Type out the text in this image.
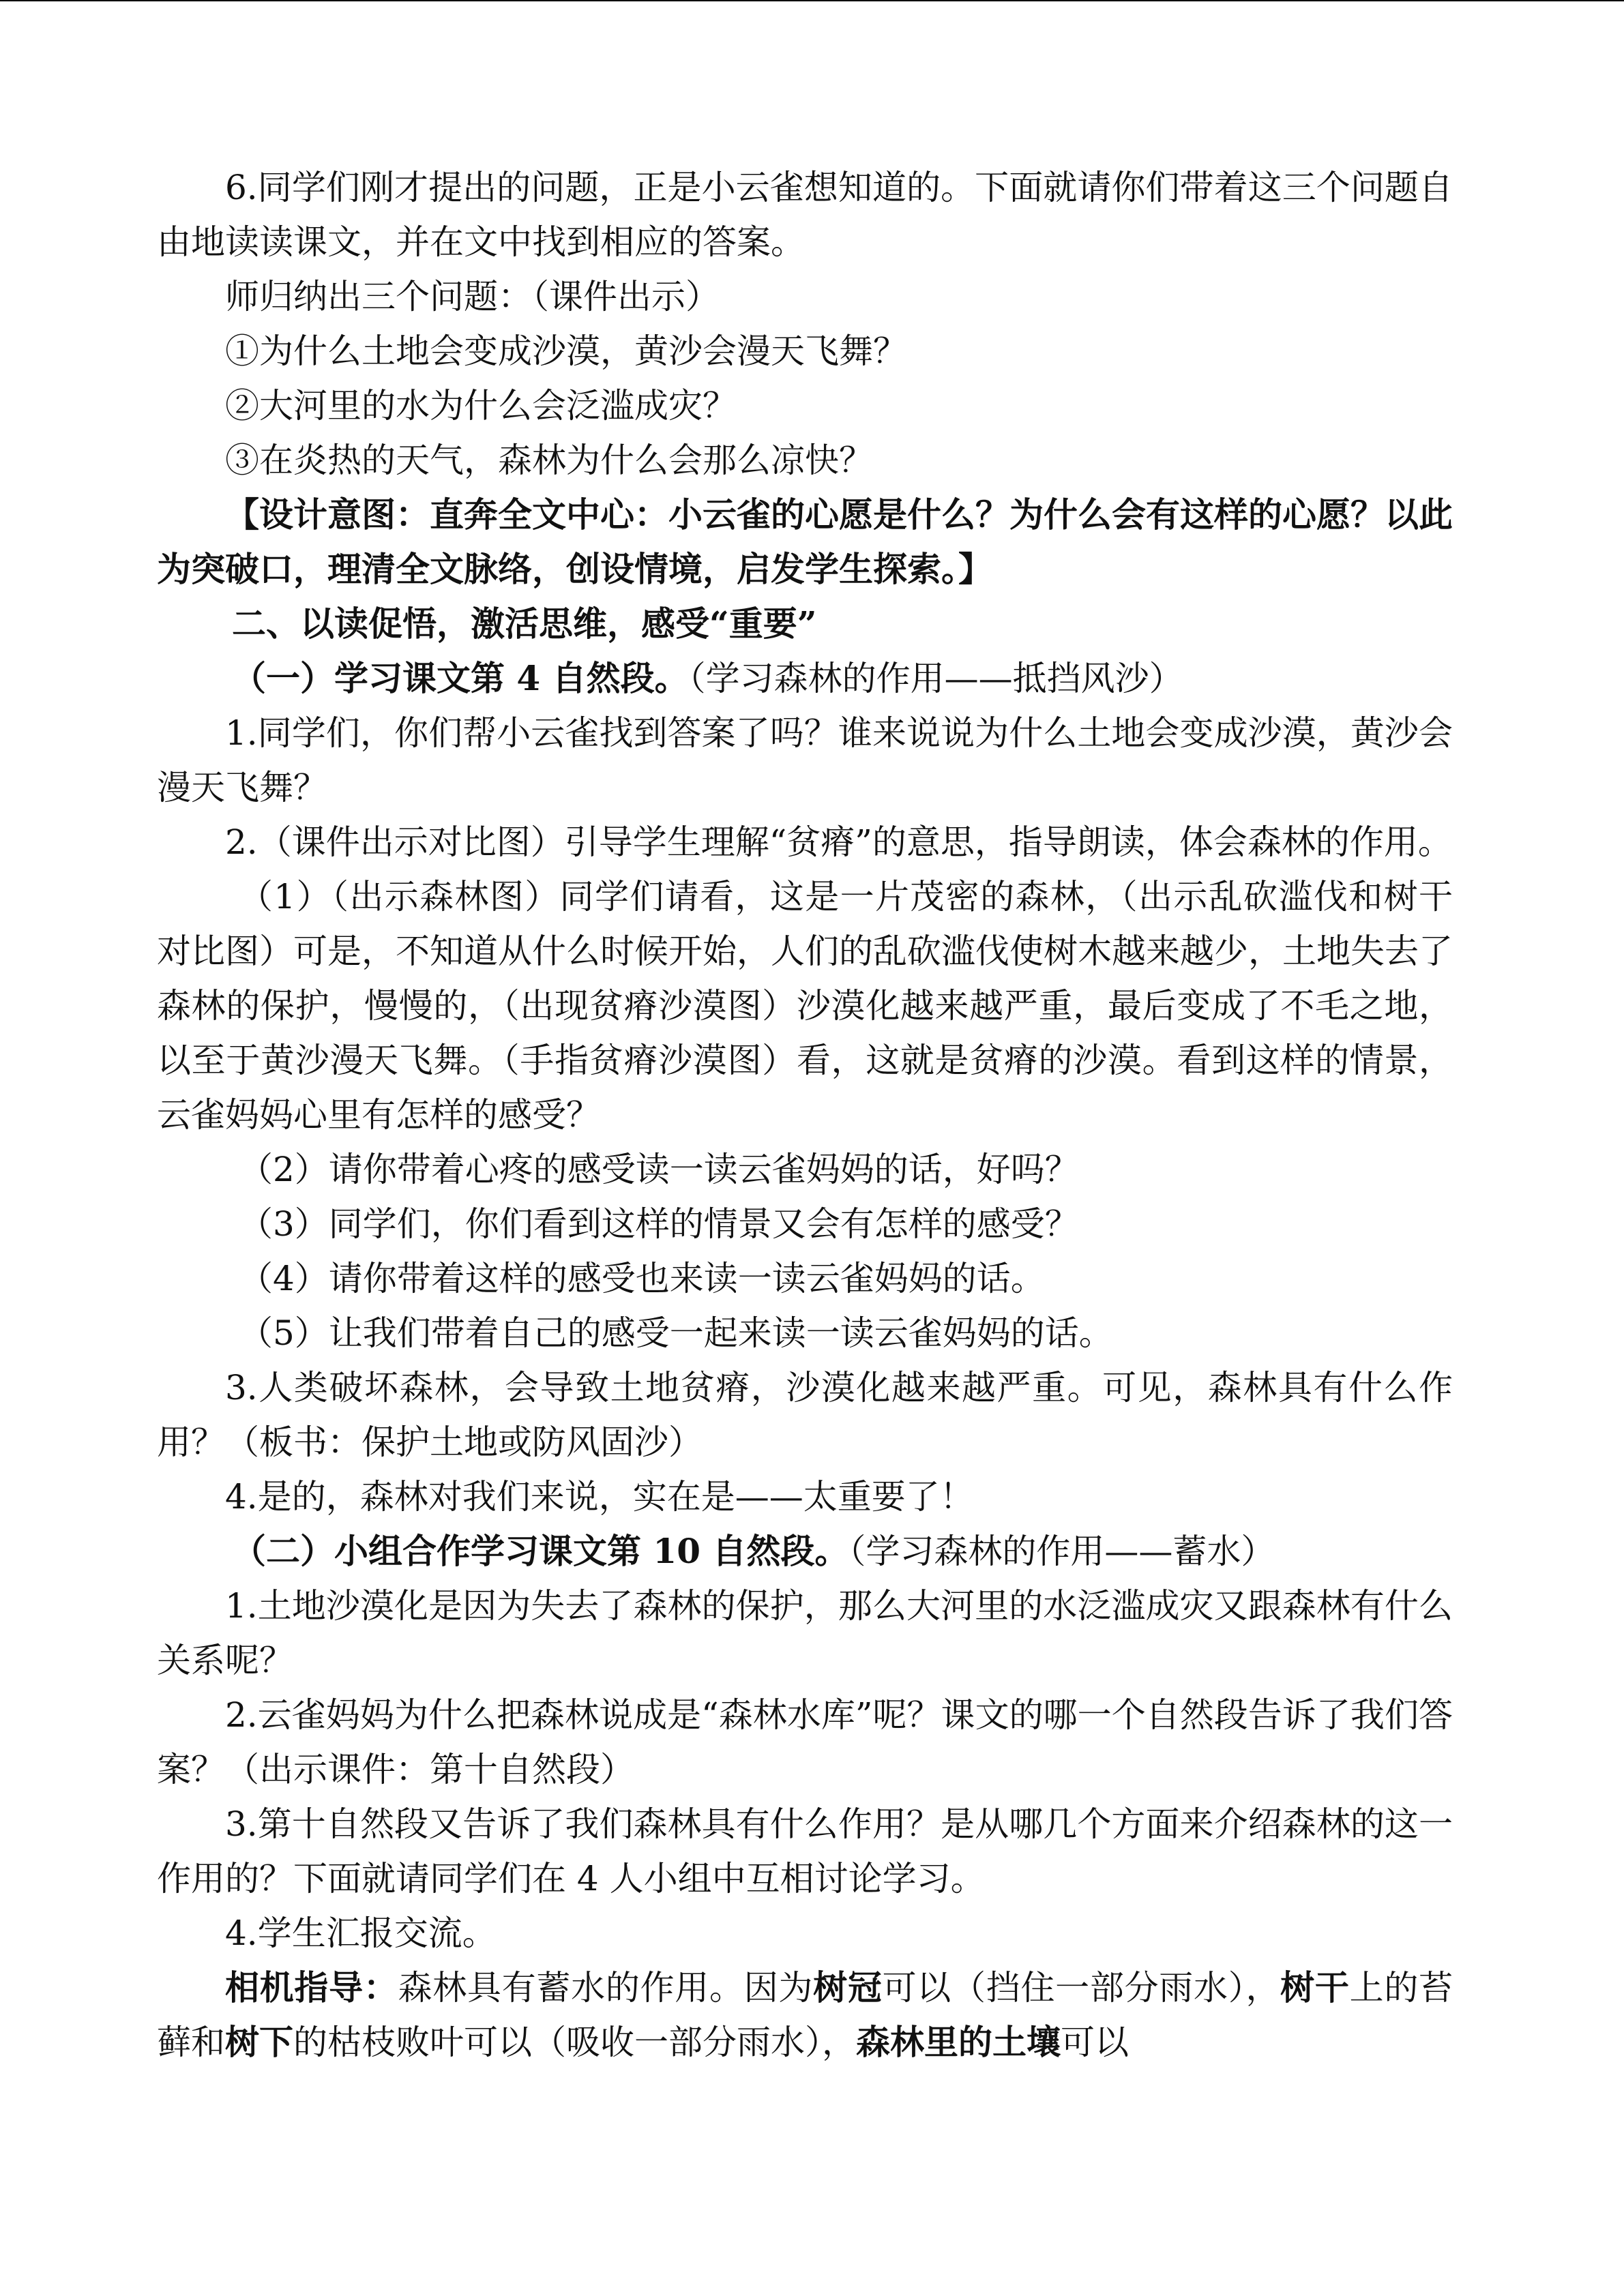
6.同学们刚才提出的问题，正是小云雀想知道的。下面就请你们带着这三个问题自由地读读课文，并在文中找到相应的答案。

师归纳出三个问题：（课件出示）

①为什么土地会变成沙漠，黄沙会漫天飞舞？

②大河里的水为什么会泛滥成灾？

③在炎热的天气，森林为什么会那么凉快？

【设计意图：直奔全文中心：小云雀的心愿是什么？为什么会有这样的心愿？以此为突破口，理清全文脉络，创设情境，启发学生探索。】

二、以读促悟，激活思维，感受“重要”

（一）学习课文第 4 自然段。（学习森林的作用——抵挡风沙）

1.同学们，你们帮小云雀找到答案了吗？谁来说说为什么土地会变成沙漠，黄沙会漫天飞舞？

2.（课件出示对比图）引导学生理解“贫瘠”的意思，指导朗读，体会森林的作用。

（1）（出示森林图）同学们请看，这是一片茂密的森林，（出示乱砍滥伐和树干对比图）可是，不知道从什么时候开始，人们的乱砍滥伐使树木越来越少，土地失去了森林的保护，慢慢的，（出现贫瘠沙漠图）沙漠化越来越严重，最后变成了不毛之地，以至于黄沙漫天飞舞。（手指贫瘠沙漠图）看，这就是贫瘠的沙漠。看到这样的情景，云雀妈妈心里有怎样的感受？

（2）请你带着心疼的感受读一读云雀妈妈的话，好吗？

（3）同学们，你们看到这样的情景又会有怎样的感受？

（4）请你带着这样的感受也来读一读云雀妈妈的话。

（5）让我们带着自己的感受一起来读一读云雀妈妈的话。

3.人类破坏森林，会导致土地贫瘠，沙漠化越来越严重。可见，森林具有什么作用？（板书：保护土地或防风固沙）

4.是的，森林对我们来说，实在是——太重要了！

（二）小组合作学习课文第 10 自然段。（学习森林的作用——蓄水）

1.土地沙漠化是因为失去了森林的保护，那么大河里的水泛滥成灾又跟森林有什么关系呢？

2.云雀妈妈为什么把森林说成是“森林水库”呢？课文的哪一个自然段告诉了我们答案？（出示课件：第十自然段）

3.第十自然段又告诉了我们森林具有什么作用？是从哪几个方面来介绍森林的这一作用的？下面就请同学们在 4 人小组中互相讨论学习。

4.学生汇报交流。

相机指导：森林具有蓄水的作用。因为树冠可以（挡住一部分雨水），树干上的苔藓和树下的枯枝败叶可以（吸收一部分雨水），森林里的土壤可以
